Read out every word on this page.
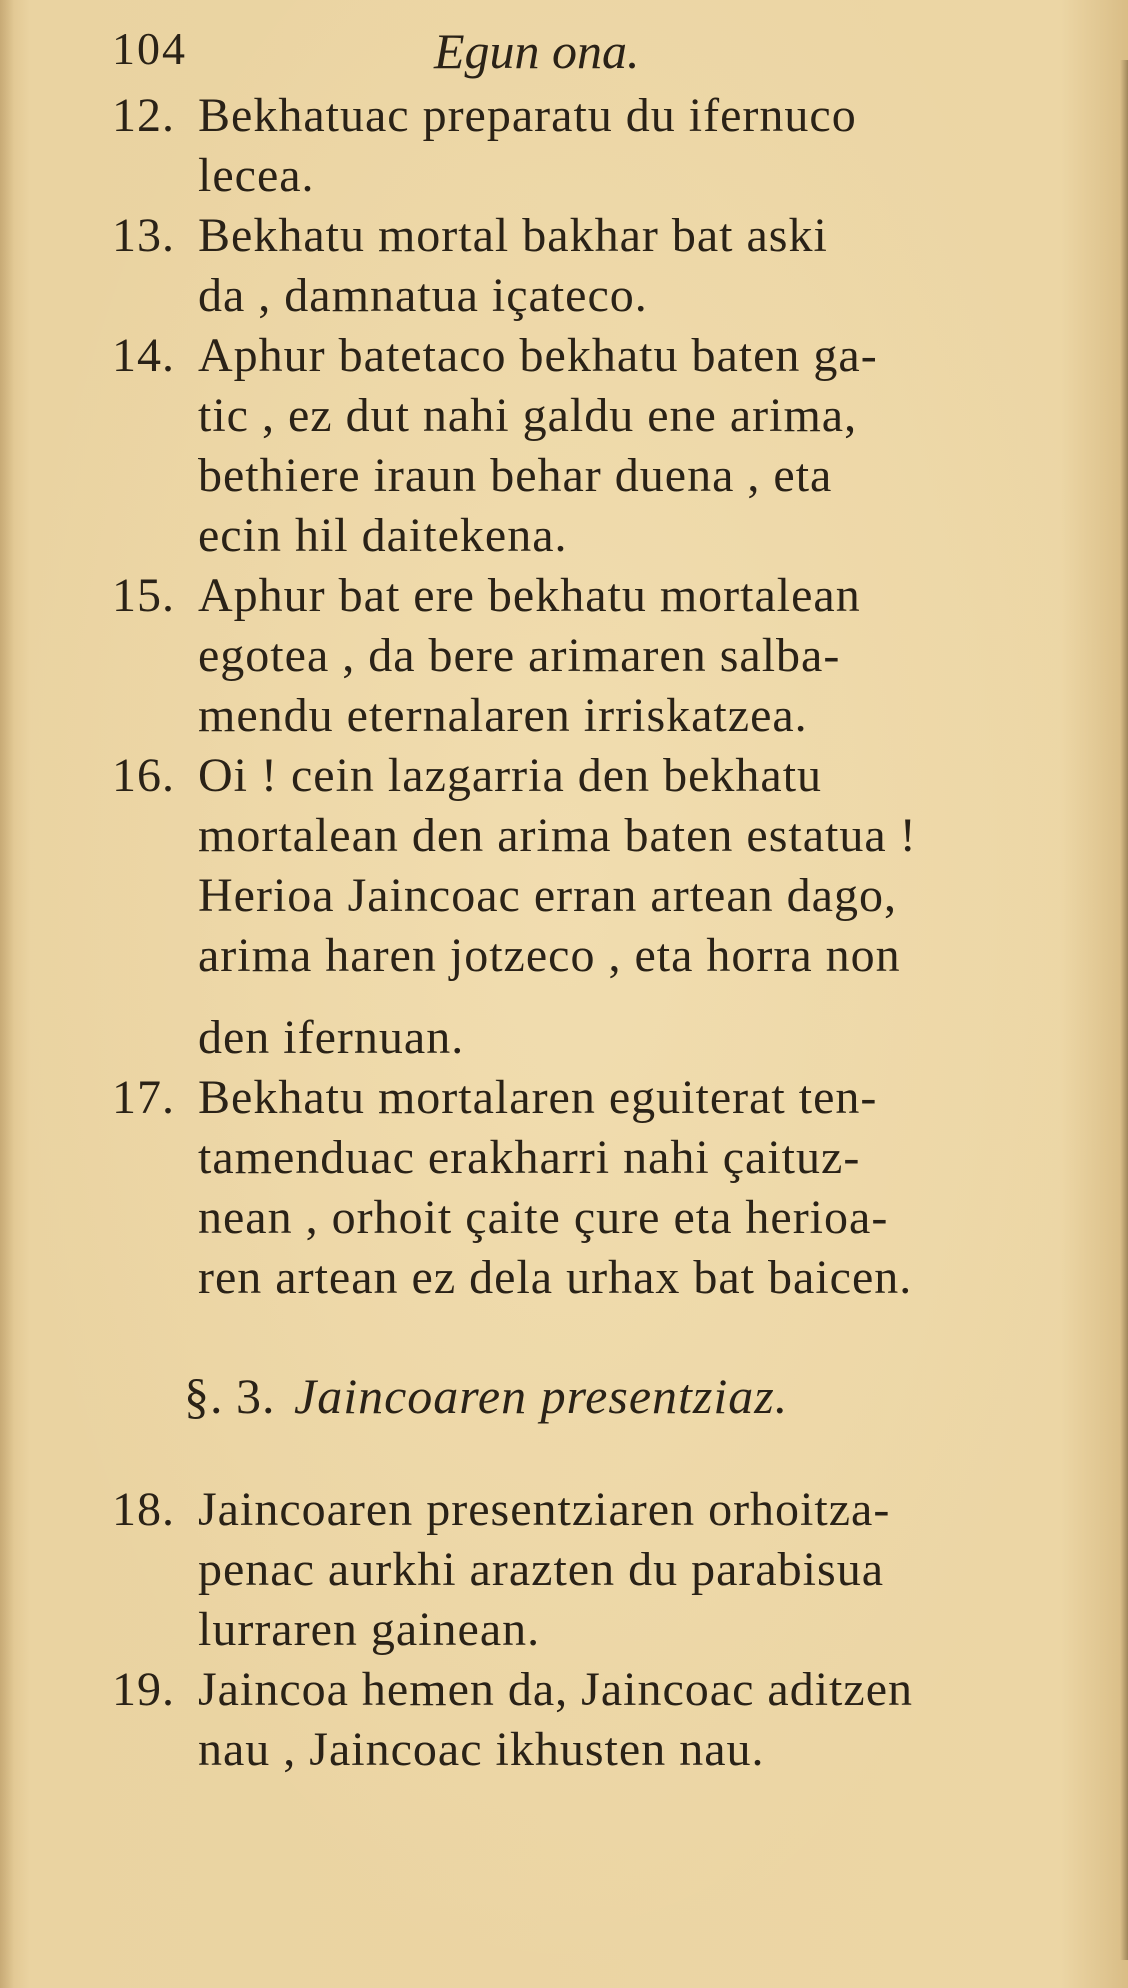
104	Egun ona.
12. Bekhatuac preparatu du ifernuco
lecea.
13. Bekhatu mortal bakhar bat aski
da , damnatua içateco.
14. Aphur batetaco bekhatu baten ga-
tic , ez dut nahi galdu ene arima,
bethiere iraun behar duena , eta
ecin hil daitekena.
15. Aphur bat ere bekhatu mortalean
egotea , da bere arimaren salba-
mendu eternalaren irriskatzea.
16. Oi ! cein lazgarria den bekhatu
mortalean den arima baten estatua !
Herioa Jaincoac erran artean dago,
arima haren jotzeco , eta horra non
den ifernuan.
17. Bekhatu mortalaren eguiterat ten-
tamenduac erakharri nahi çaituz-
nean , orhoit çaite çure eta herioa-
ren artean ez dela urhax bat baicen.
§. 3. Jaincoaren presentziaz.
18. Jaincoaren presentziaren orhoitza-
penac aurkhi arazten du parabisua
lurraren gainean.
19. Jaincoa hemen da, Jaincoac aditzen
nau , Jaincoac ikhusten nau.
